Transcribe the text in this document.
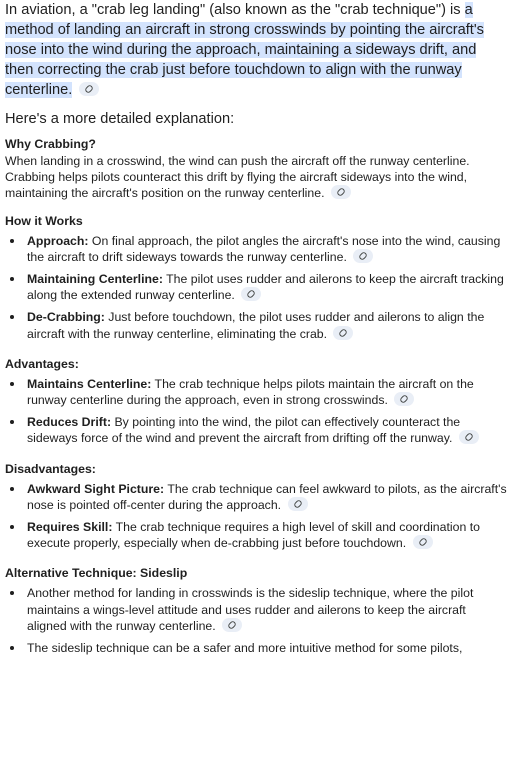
In aviation, a "crab leg landing" (also known as the "crab technique") is a method of landing an aircraft in strong crosswinds by pointing the aircraft's nose into the wind during the approach, maintaining a sideways drift, and then correcting the crab just before touchdown to align with the runway centerline.

Here's a more detailed explanation:

Why Crabbing?

When landing in a crosswind, the wind can push the aircraft off the runway centerline. Crabbing helps pilots counteract this drift by flying the aircraft sideways into the wind, maintaining the aircraft's position on the runway centerline.

How it Works

Approach: On final approach, the pilot angles the aircraft's nose into the wind, causing the aircraft to drift sideways towards the runway centerline.
Maintaining Centerline: The pilot uses rudder and ailerons to keep the aircraft tracking along the extended runway centerline.
De-Crabbing: Just before touchdown, the pilot uses rudder and ailerons to align the aircraft with the runway centerline, eliminating the crab.

Advantages:

Maintains Centerline: The crab technique helps pilots maintain the aircraft on the runway centerline during the approach, even in strong crosswinds.
Reduces Drift: By pointing into the wind, the pilot can effectively counteract the sideways force of the wind and prevent the aircraft from drifting off the runway.

Disadvantages:

Awkward Sight Picture: The crab technique can feel awkward to pilots, as the aircraft's nose is pointed off-center during the approach.
Requires Skill: The crab technique requires a high level of skill and coordination to execute properly, especially when de-crabbing just before touchdown.

Alternative Technique: Sideslip

Another method for landing in crosswinds is the sideslip technique, where the pilot maintains a wings-level attitude and uses rudder and ailerons to keep the aircraft aligned with the runway centerline.
The sideslip technique can be a safer and more intuitive method for some pilots,
